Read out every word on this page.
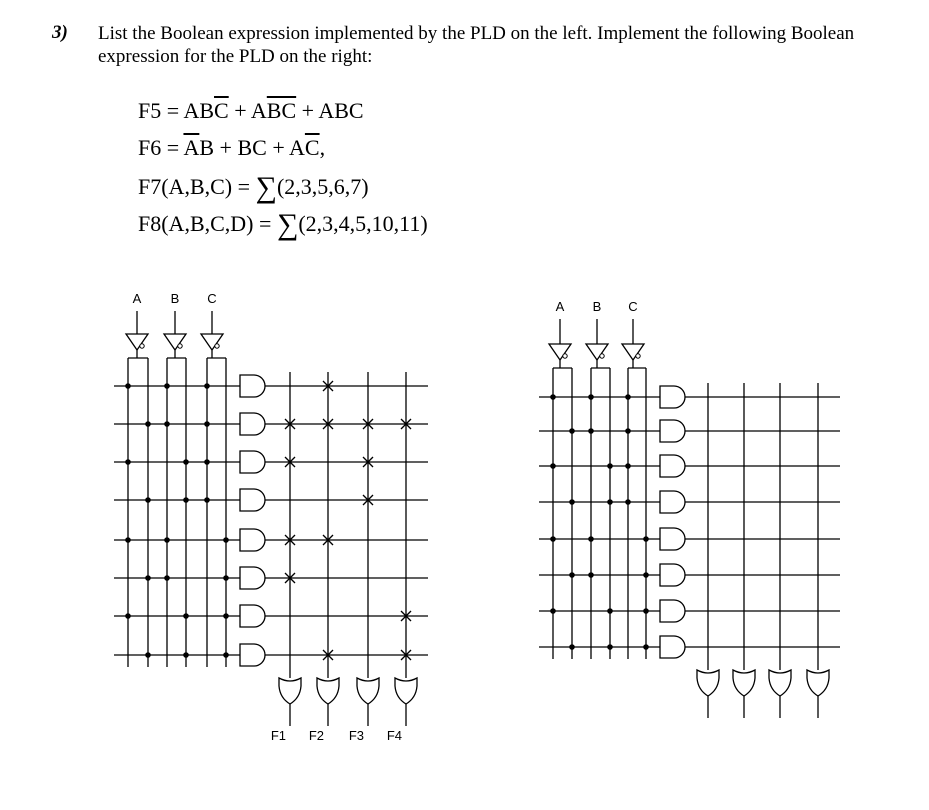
3) List the Boolean expression implemented by the PLD on the left. Implement the following Boolean expression for the PLD on the right:
$F5 = AB\overline{C} + A\overline{BC}$ + ABC
$F6 = \overline{A}B$ + BC + $A\overline{C}$,
F7(A,B,C) = ∑(2,3,5,6,7)
F8(A,B,C,D) = ∑(2,3,4,5,10,11)
A B C
F1 F2 F3 F4
A B C
